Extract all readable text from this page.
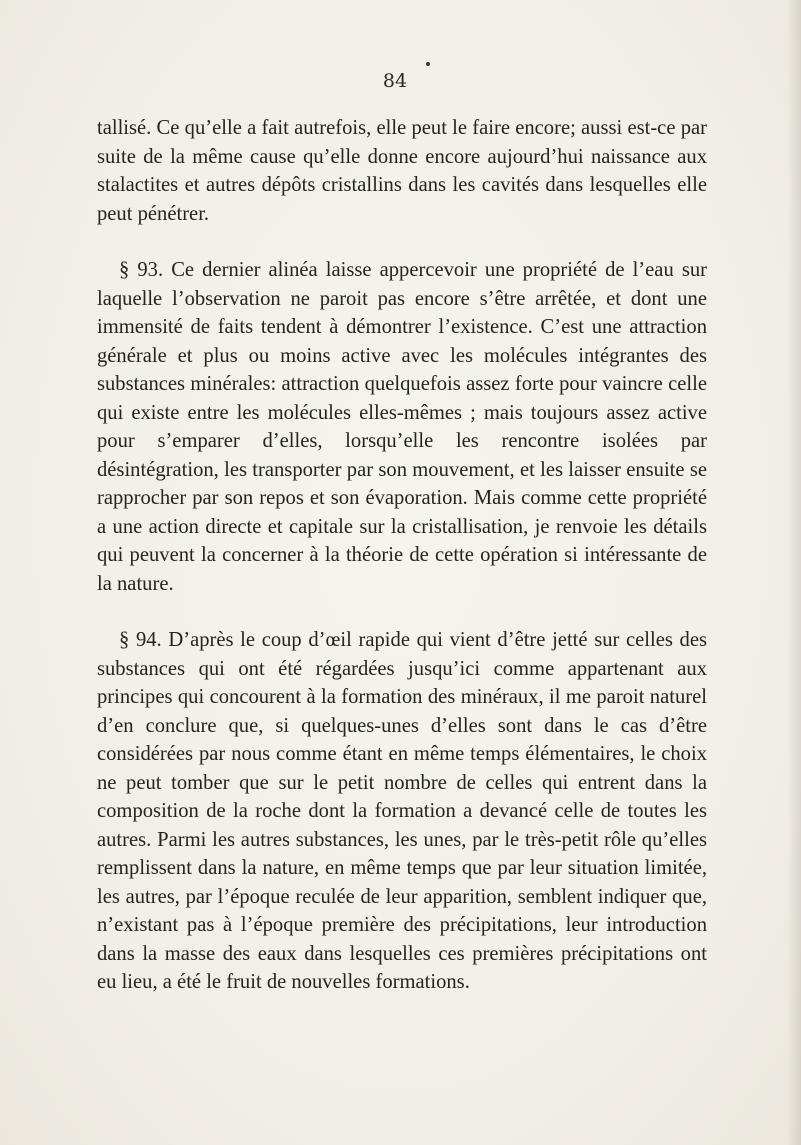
84

tallisé. Ce qu’elle a fait autrefois, elle peut le faire encore; aussi est-ce par suite de la même cause qu’elle donne encore aujourd’hui naissance aux stalactites et autres dépôts cristallins dans les cavités dans lesquelles elle peut pénétrer.

§ 93. Ce dernier alinéa laisse appercevoir une propriété de l’eau sur laquelle l’observation ne paroit pas encore s’être arrêtée, et dont une immensité de faits tendent à démontrer l’existence. C’est une attraction générale et plus ou moins active avec les molécules intégrantes des substances minérales: attraction quelquefois assez forte pour vaincre celle qui existe entre les molécules elles-mêmes ; mais toujours assez active pour s’emparer d’elles, lorsqu’elle les rencontre isolées par désintégration, les transporter par son mouvement, et les laisser ensuite se rapprocher par son repos et son évaporation. Mais comme cette propriété a une action directe et capitale sur la cristallisation, je renvoie les détails qui peuvent la concerner à la théorie de cette opération si intéressante de la nature.

§ 94. D’après le coup d’œil rapide qui vient d’être jetté sur celles des substances qui ont été régardées jusqu’ici comme appartenant aux principes qui concourent à la formation des minéraux, il me paroit naturel d’en conclure que, si quelques-unes d’elles sont dans le cas d’être considérées par nous comme étant en même temps élémentaires, le choix ne peut tomber que sur le petit nombre de celles qui entrent dans la composition de la roche dont la formation a devancé celle de toutes les autres. Parmi les autres substances, les unes, par le très-petit rôle qu’elles remplissent dans la nature, en même temps que par leur situation limitée, les autres, par l’époque reculée de leur apparition, semblent indiquer que, n’existant pas à l’époque première des précipitations, leur introduction dans la masse des eaux dans lesquelles ces premières précipitations ont eu lieu, a été le fruit de nouvelles formations.
